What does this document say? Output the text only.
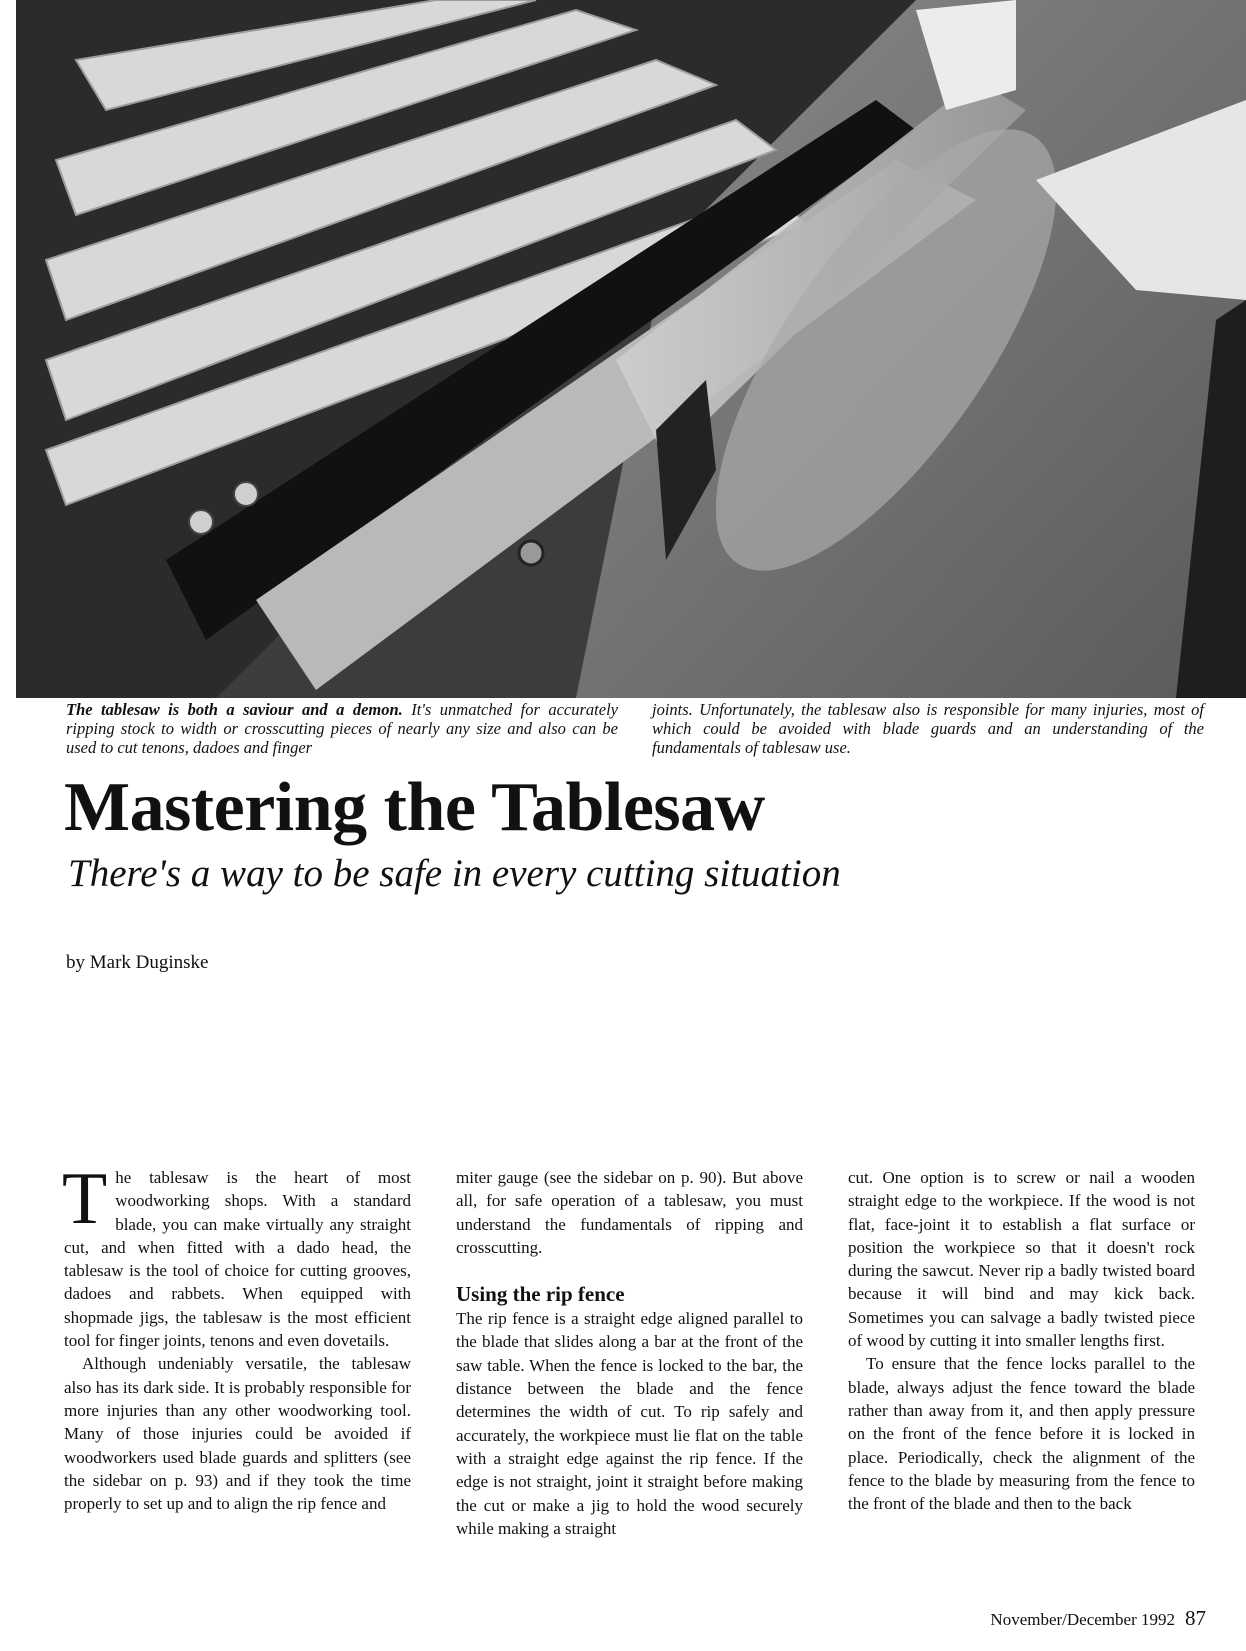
The tablesaw is both a saviour and a demon. It's unmatched for accurately ripping stock to width or crosscutting pieces of nearly any size and also can be used to cut tenons, dadoes and finger
joints. Unfortunately, the tablesaw also is responsible for many injuries, most of which could be avoided with blade guards and an understanding of the fundamentals of tablesaw use.
Mastering the Tablesaw
There's a way to be safe in every cutting situation
by Mark Duginske

The tablesaw is the heart of most woodworking shops. With a standard blade, you can make virtually any straight cut, and when fitted with a dado head, the tablesaw is the tool of choice for cutting grooves, dadoes and rabbets. When equipped with shopmade jigs, the tablesaw is the most efficient tool for finger joints, tenons and even dovetails.

Although undeniably versatile, the tablesaw also has its dark side. It is probably responsible for more injuries than any other woodworking tool. Many of those injuries could be avoided if woodworkers used blade guards and splitters (see the sidebar on p. 93) and if they took the time properly to set up and to align the rip fence and

miter gauge (see the sidebar on p. 90). But above all, for safe operation of a tablesaw, you must understand the fundamentals of ripping and crosscutting.

Using the rip fence

The rip fence is a straight edge aligned parallel to the blade that slides along a bar at the front of the saw table. When the fence is locked to the bar, the distance between the blade and the fence determines the width of cut. To rip safely and accurately, the workpiece must lie flat on the table with a straight edge against the rip fence. If the edge is not straight, joint it straight before making the cut or make a jig to hold the wood securely while making a straight

cut. One option is to screw or nail a wooden straight edge to the workpiece. If the wood is not flat, face-joint it to establish a flat surface or position the workpiece so that it doesn't rock during the sawcut. Never rip a badly twisted board because it will bind and may kick back. Sometimes you can salvage a badly twisted piece of wood by cutting it into smaller lengths first.

To ensure that the fence locks parallel to the blade, always adjust the fence toward the blade rather than away from it, and then apply pressure on the front of the fence before it is locked in place. Periodically, check the alignment of the fence to the blade by measuring from the fence to the front of the blade and then to the back

November/December 1992 87
